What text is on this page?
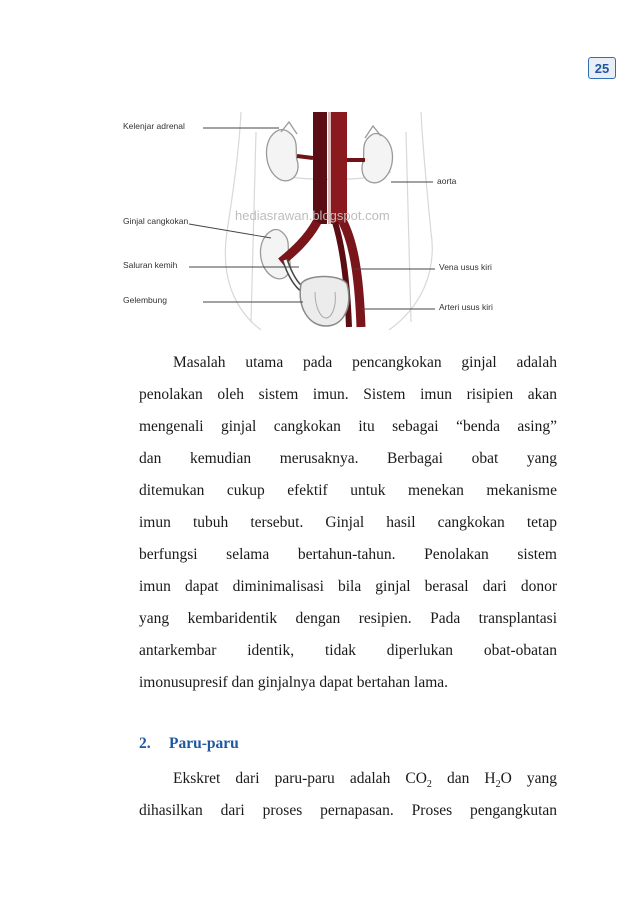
25
Kelenjar adrenal
aorta
Ginjal cangkokan
Saluran kemih	Vena usus kiri
Gelembung
Arteri usus kiri
hediasrawan.blogspot.com
Masalah utama pada pencangkokan ginjal adalah
penolakan oleh sistem imun. Sistem imun risipien akan
mengenali ginjal cangkokan itu sebagai “benda asing”
dan kemudian merusaknya. Berbagai obat yang
ditemukan cukup efektif untuk menekan mekanisme
imun tubuh tersebut. Ginjal hasil cangkokan tetap
berfungsi selama bertahun-tahun. Penolakan sistem
imun dapat diminimalisasi bila ginjal berasal dari donor
yang kembaridentik dengan resipien. Pada transplantasi
antarkembar identik, tidak diperlukan obat-obatan
imonusupresif dan ginjalnya dapat bertahan lama.
2. Paru-paru
Ekskret dari paru-paru adalah $CO_2$ dan $H_2O$ yang
dihasilkan dari proses pernapasan. Proses pengangkutan
